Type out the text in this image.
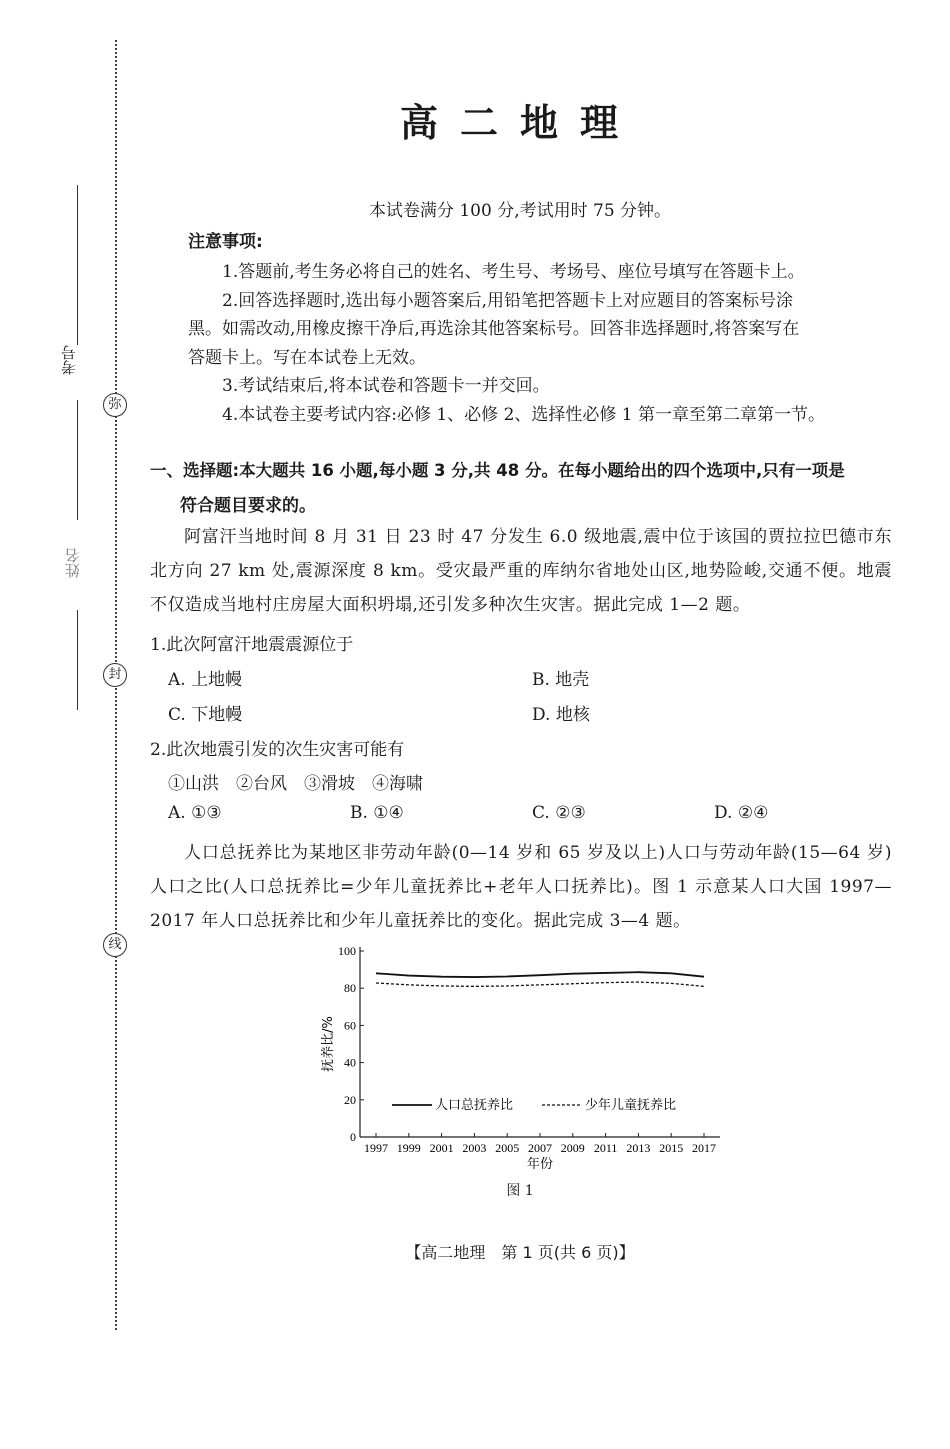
考号
姓名
弥
封
线
高二地理
本试卷满分 100 分,考试用时 75 分钟。
注意事项:
1.答题前,考生务必将自己的姓名、考生号、考场号、座位号填写在答题卡上。
2.回答选择题时,选出每小题答案后,用铅笔把答题卡上对应题目的答案标号涂
黑。如需改动,用橡皮擦干净后,再选涂其他答案标号。回答非选择题时,将答案写在
答题卡上。写在本试卷上无效。
3.考试结束后,将本试卷和答题卡一并交回。
4.本试卷主要考试内容:必修 1、必修 2、选择性必修 1 第一章至第二章第一节。
一、选择题:本大题共 16 小题,每小题 3 分,共 48 分。在每小题给出的四个选项中,只有一项是
符合题目要求的。
阿富汗当地时间 8 月 31 日 23 时 47 分发生 6.0 级地震,震中位于该国的贾拉拉巴德市东北方向 27 km 处,震源深度 8 km。受灾最严重的库纳尔省地处山区,地势险峻,交通不便。地震不仅造成当地村庄房屋大面积坍塌,还引发多种次生灾害。据此完成 1—2 题。
1.此次阿富汗地震震源位于
A. 上地幔	B. 地壳
C. 下地幔	D. 地核
2.此次地震引发的次生灾害可能有
①山洪　②台风　③滑坡　④海啸
A. ①③	B. ①④	C. ②③	D. ②④
人口总抚养比为某地区非劳动年龄(0—14 岁和 65 岁及以上)人口与劳动年龄(15—64 岁)人口之比(人口总抚养比=少年儿童抚养比+老年人口抚养比)。图 1 示意某人口大国 1997—2017 年人口总抚养比和少年儿童抚养比的变化。据此完成 3—4 题。
0
20
40
60
80
100
1997 1999 2001 2003 2005 2007 2009 2011 2013 2015 2017
年份
抚养比/%
人口总抚养比	少年儿童抚养比
图 1
【高二地理　第 1 页(共 6 页)】
